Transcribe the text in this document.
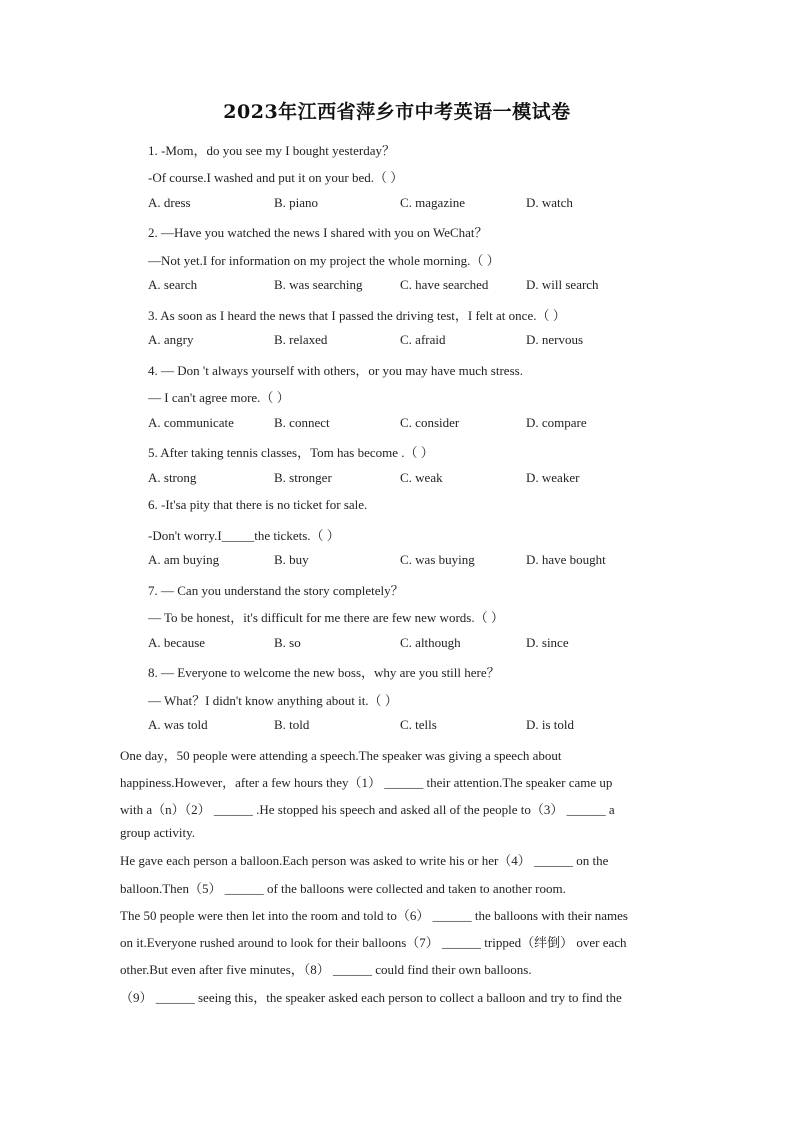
2023年江西省萍乡市中考英语一模试卷
1. -Mom，do you see my I bought yesterday？
-Of course.I washed and put it on your bed.（ ）
A. dress	B. piano	C. magazine	D. watch
2. —Have you watched the news I shared with you on WeChat？
—Not yet.I for information on my project the whole morning.（ ）
A. search	B. was searching	C. have searched	D. will search
3. As soon as I heard the news that I passed the driving test，I felt at once.（ ）
A. angry	B. relaxed	C. afraid	D. nervous
4. — Don 't always yourself with others，or you may have much stress.
— I can't agree more.（ ）
A. communicate	B. connect	C. consider	D. compare
5. After taking tennis classes，Tom has become .（ ）
A. strong	B. stronger	C. weak	D. weaker
6. -It'sa pity that there is no ticket for sale.
-Don't worry.I_____the tickets.（ ）
A. am buying	B. buy	C. was buying	D. have bought
7. — Can you understand the story completely？
— To be honest，it's difficult for me there are few new words.（ ）
A. because	B. so	C. although	D. since
8. — Everyone to welcome the new boss，why are you still here？
— What？I didn't know anything about it.（ ）
A. was told	B. told	C. tells	D. is told
One day，50 people were attending a speech.The speaker was giving a speech about
happiness.However，after a few hours they（1） ______ their attention.The speaker came up
with a（n）（2） ______ .He stopped his speech and asked all of the people to（3） ______ a
group activity.
He gave each person a balloon.Each person was asked to write his or her（4） ______ on the
balloon.Then（5） ______ of the balloons were collected and taken to another room.
The 50 people were then let into the room and told to（6） ______ the balloons with their names
on it.Everyone rushed around to look for their balloons（7） ______ tripped（绊倒） over each
other.But even after five minutes，（8） ______ could find their own balloons.
（9） ______ seeing this，the speaker asked each person to collect a balloon and try to find the
